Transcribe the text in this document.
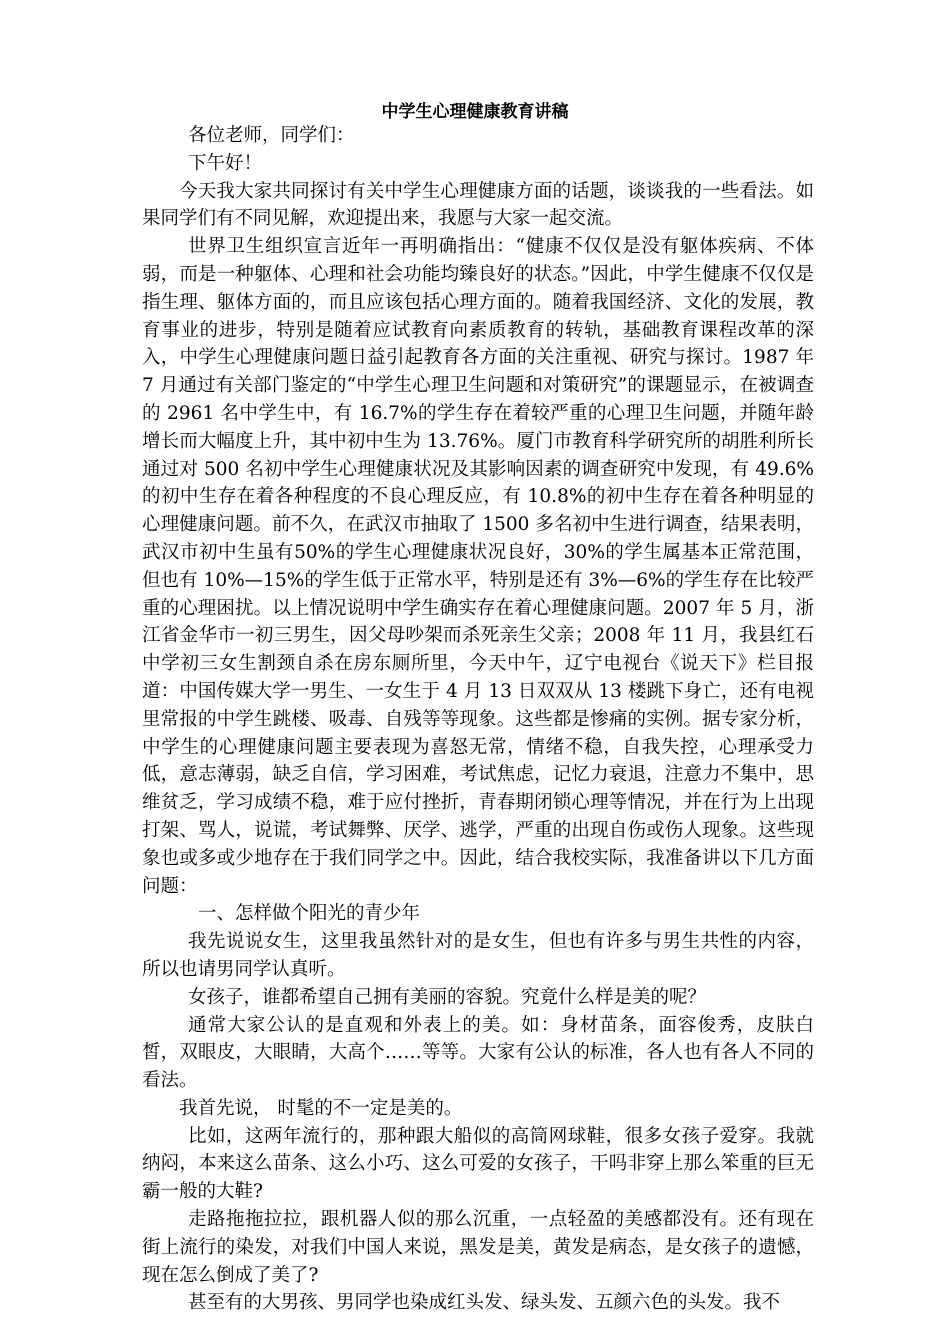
中学生心理健康教育讲稿

各位老师，同学们：

下午好！

今天我大家共同探讨有关中学生心理健康方面的话题，谈谈我的一些看法。如果同学们有不同见解，欢迎提出来，我愿与大家一起交流。

世界卫生组织宣言近年一再明确指出：“健康不仅仅是没有躯体疾病、不体弱，而是一种躯体、心理和社会功能均臻良好的状态。”因此，中学生健康不仅仅是指生理、躯体方面的，而且应该包括心理方面的。随着我国经济、文化的发展，教育事业的进步，特别是随着应试教育向素质教育的转轨，基础教育课程改革的深入，中学生心理健康问题日益引起教育各方面的关注重视、研究与探讨。1987 年 7 月通过有关部门鉴定的“中学生心理卫生问题和对策研究”的课题显示，在被调查的 2961 名中学生中，有 16.7%的学生存在着较严重的心理卫生问题，并随年龄增长而大幅度上升，其中初中生为 13.76%。厦门市教育科学研究所的胡胜利所长通过对 500 名初中学生心理健康状况及其影响因素的调查研究中发现，有 49.6%的初中生存在着各种程度的不良心理反应，有 10.8%的初中生存在着各种明显的心理健康问题。前不久，在武汉市抽取了 1500 多名初中生进行调查，结果表明，武汉市初中生虽有50%的学生心理健康状况良好，30%的学生属基本正常范围，但也有 10%—15%的学生低于正常水平，特别是还有 3%—6%的学生存在比较严重的心理困扰。以上情况说明中学生确实存在着心理健康问题。2007 年 5 月，浙江省金华市一初三男生，因父母吵架而杀死亲生父亲；2008 年 11 月，我县红石中学初三女生割颈自杀在房东厕所里，今天中午，辽宁电视台《说天下》栏目报道：中国传媒大学一男生、一女生于 4 月 13 日双双从 13 楼跳下身亡，还有电视里常报的中学生跳楼、吸毒、自残等等现象。这些都是惨痛的实例。据专家分析，中学生的心理健康问题主要表现为喜怒无常，情绪不稳，自我失控，心理承受力低，意志薄弱，缺乏自信，学习困难，考试焦虑，记忆力衰退，注意力不集中，思维贫乏，学习成绩不稳，难于应付挫折，青春期闭锁心理等情况，并在行为上出现打架、骂人，说谎，考试舞弊、厌学、逃学，严重的出现自伤或伤人现象。这些现象也或多或少地存在于我们同学之中。因此，结合我校实际，我准备讲以下几方面问题：

一、怎样做个阳光的青少年

我先说说女生，这里我虽然针对的是女生，但也有许多与男生共性的内容，所以也请男同学认真听。

女孩子，谁都希望自己拥有美丽的容貌。究竟什么样是美的呢？

通常大家公认的是直观和外表上的美。如：身材苗条，面容俊秀，皮肤白皙，双眼皮，大眼睛，大高个……等等。大家有公认的标准，各人也有各人不同的看法。

我首先说， 时髦的不一定是美的。

比如，这两年流行的，那种跟大船似的高筒网球鞋，很多女孩子爱穿。我就纳闷，本来这么苗条、这么小巧、这么可爱的女孩子，干吗非穿上那么笨重的巨无霸一般的大鞋?

走路拖拖拉拉，跟机器人似的那么沉重，一点轻盈的美感都没有。还有现在街上流行的染发，对我们中国人来说，黑发是美，黄发是病态，是女孩子的遗憾，现在怎么倒成了美了?

甚至有的大男孩、男同学也染成红头发、绿头发、五颜六色的头发。我不
